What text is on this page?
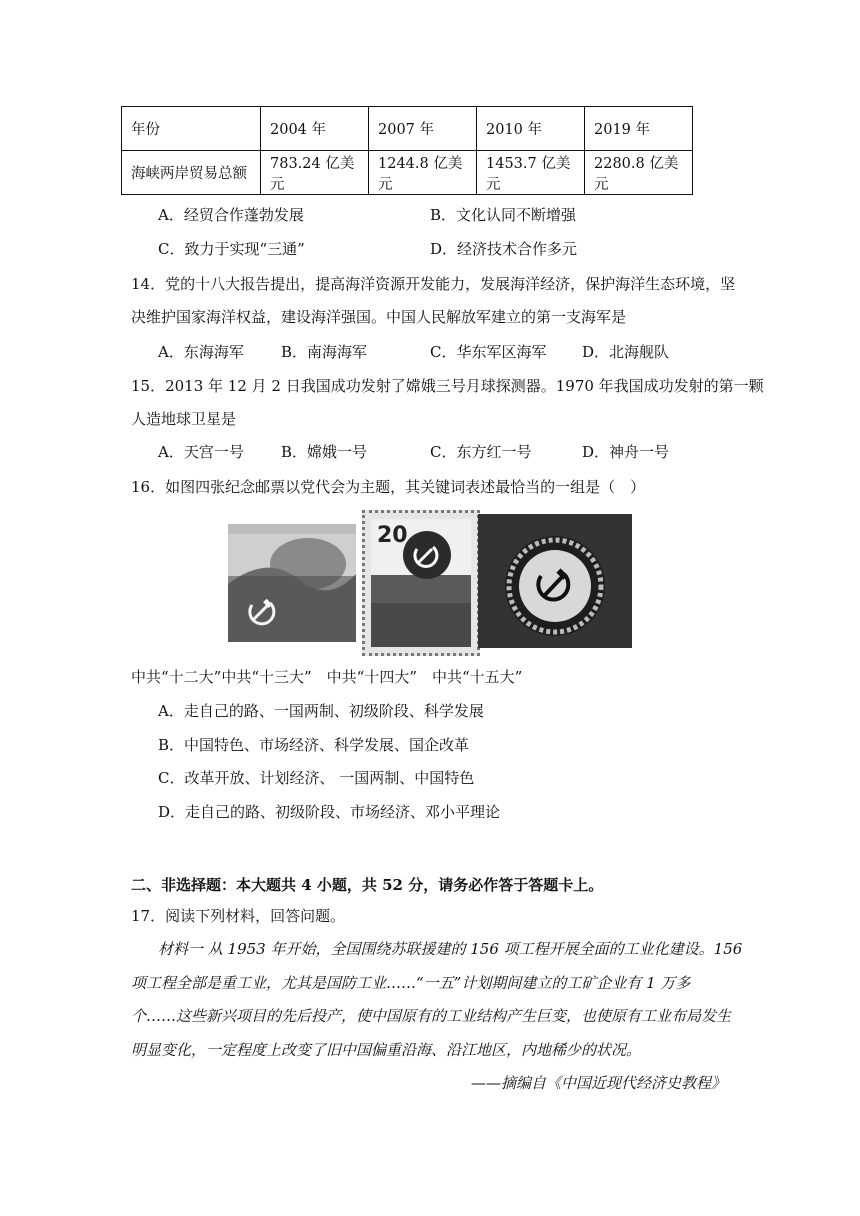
年份	2004 年	2007 年	2010 年	2019 年
海峡两岸贸易总额	783.24 亿美元	1244.8 亿美元	1453.7 亿美元	2280.8 亿美元
A．经贸合作蓬勃发展	B．文化认同不断增强
C．致力于实现“三通”	D．经济技术合作多元
14．党的十八大报告提出，提高海洋资源开发能力，发展海洋经济，保护海洋生态环境，坚
决维护国家海洋权益，建设海洋强国。中国人民解放军建立的第一支海军是
A．东海海军 B．南海海军	C．华东军区海军 D．北海舰队
15．2013 年 12 月 2 日我国成功发射了嫦娥三号月球探测器。1970 年我国成功发射的第一颗
人造地球卫星是
A．天宫一号 B．嫦娥一号	C．东方红一号	D．神舟一号
16．如图四张纪念邮票以党代会为主题，其关键词表述最恰当的一组是（　）
20
中共“十二大”中共“十三大”　中共“十四大”　中共“十五大”
A．走自己的路、一国两制、初级阶段、科学发展
B．中国特色、市场经济、科学发展、国企改革
C．改革开放、计划经济、 一国两制、中国特色
D．走自己的路、初级阶段、市场经济、邓小平理论
二、非选择题：本大题共 4 小题，共 52 分，请务必作答于答题卡上。
17．阅读下列材料，回答问题。
材料一 从 1953 年开始，全国围绕苏联援建的 156 项工程开展全面的工业化建设。156
项工程全部是重工业，尤其是国防工业……“一五”计划期间建立的工矿企业有 1 万多
个……这些新兴项目的先后投产，使中国原有的工业结构产生巨变，也使原有工业布局发生
明显变化，一定程度上改变了旧中国偏重沿海、沿江地区，内地稀少的状况。
——摘编自《中国近现代经济史教程》
